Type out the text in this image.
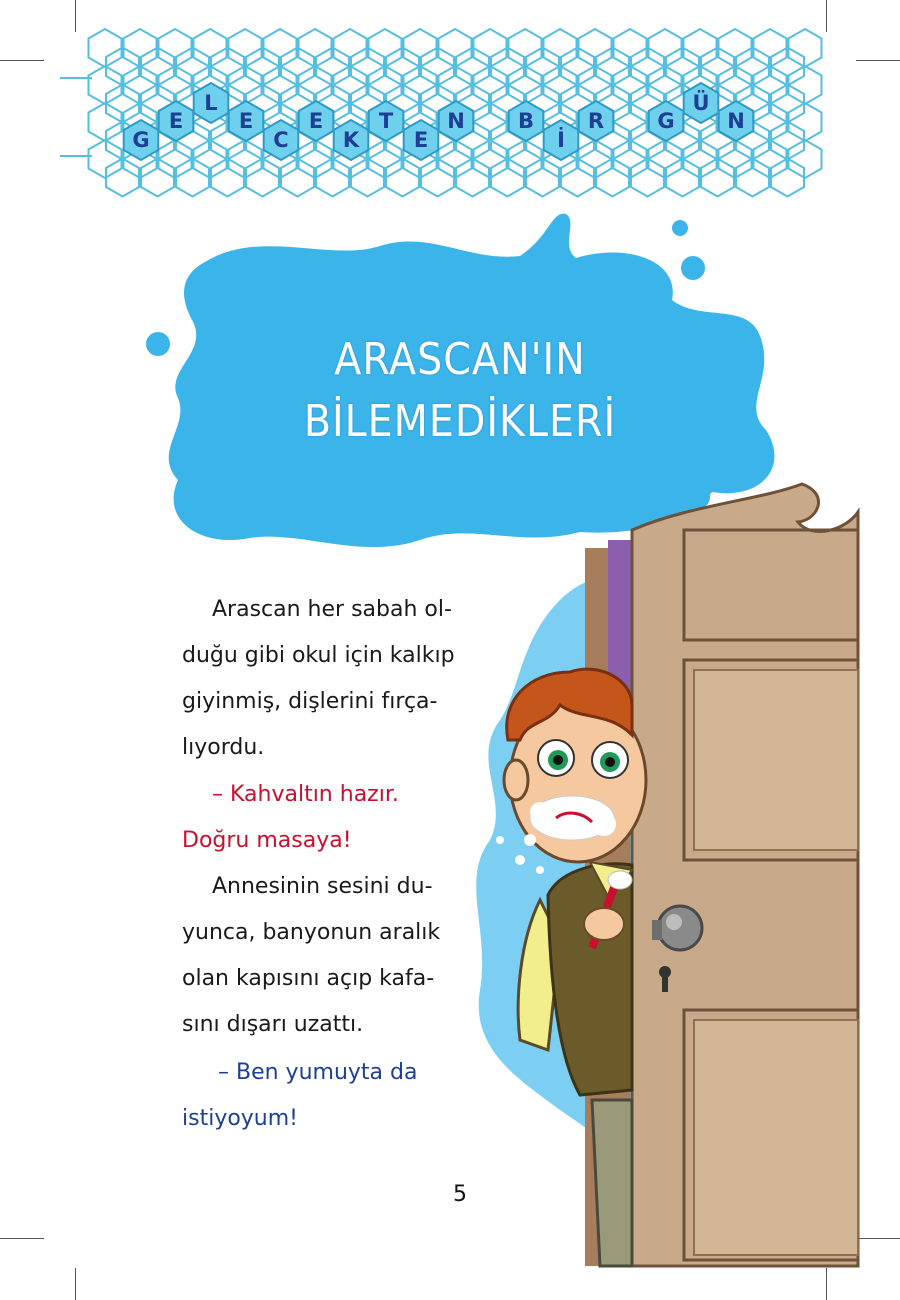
G
E
L
E
C
E
K
T
E
N	B
İ
R	G
Ü
N
ARASCAN'IN
BİLEMEDİKLERİ
Arascan her sabah ol-
duğu gibi okul için kalkıp
giyinmiş, dişlerini fırça-
lıyordu.
– Kahvaltın hazır.
Doğru masaya!
Annesinin sesini du-
yunca, banyonun aralık
olan kapısını açıp kafa-
sını dışarı uzattı.
– Ben yumuyta da
istiyoyum!
5
